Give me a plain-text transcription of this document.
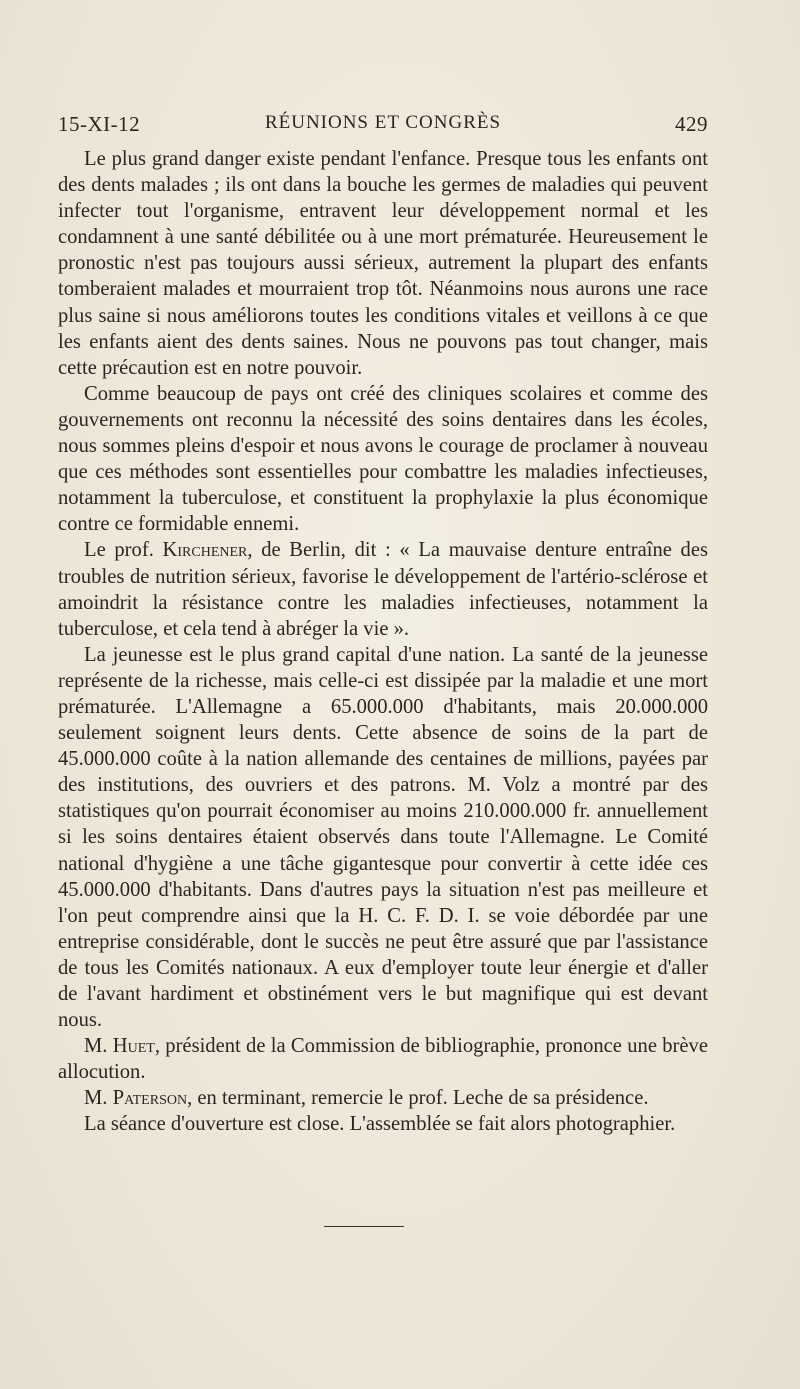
15-XI-12	RÉUNIONS ET CONGRÈS	429

Le plus grand danger existe pendant l'enfance. Presque tous les enfants ont des dents malades ; ils ont dans la bouche les germes de maladies qui peuvent infecter tout l'organisme, entravent leur développement normal et les condamnent à une santé débilitée ou à une mort prématurée. Heureusement le pronostic n'est pas toujours aussi sérieux, autrement la plupart des enfants tomberaient malades et mourraient trop tôt. Néanmoins nous aurons une race plus saine si nous améliorons toutes les conditions vitales et veillons à ce que les enfants aient des dents saines. Nous ne pouvons pas tout changer, mais cette précaution est en notre pouvoir.

Comme beaucoup de pays ont créé des cliniques scolaires et comme des gouvernements ont reconnu la nécessité des soins dentaires dans les écoles, nous sommes pleins d'espoir et nous avons le courage de proclamer à nouveau que ces méthodes sont essentielles pour combattre les maladies infectieuses, notamment la tuberculose, et constituent la prophylaxie la plus économique contre ce formidable ennemi.

Le prof. Kirchener, de Berlin, dit : « La mauvaise denture entraîne des troubles de nutrition sérieux, favorise le développement de l'artério-sclérose et amoindrit la résistance contre les maladies infectieuses, notamment la tuberculose, et cela tend à abréger la vie ».

La jeunesse est le plus grand capital d'une nation. La santé de la jeunesse représente de la richesse, mais celle-ci est dissipée par la maladie et une mort prématurée. L'Allemagne a 65.000.000 d'habitants, mais 20.000.000 seulement soignent leurs dents. Cette absence de soins de la part de 45.000.000 coûte à la nation allemande des centaines de millions, payées par des institutions, des ouvriers et des patrons. M. Volz a montré par des statistiques qu'on pourrait économiser au moins 210.000.000 fr. annuellement si les soins dentaires étaient observés dans toute l'Allemagne. Le Comité national d'hygiène a une tâche gigantesque pour convertir à cette idée ces 45.000.000 d'habitants. Dans d'autres pays la situation n'est pas meilleure et l'on peut comprendre ainsi que la H. C. F. D. I. se voie débordée par une entreprise considérable, dont le succès ne peut être assuré que par l'assistance de tous les Comités nationaux. A eux d'employer toute leur énergie et d'aller de l'avant hardiment et obstinément vers le but magnifique qui est devant nous.

M. Huet, président de la Commission de bibliographie, prononce une brève allocution.

M. Paterson, en terminant, remercie le prof. Leche de sa présidence.

La séance d'ouverture est close. L'assemblée se fait alors photographier.
